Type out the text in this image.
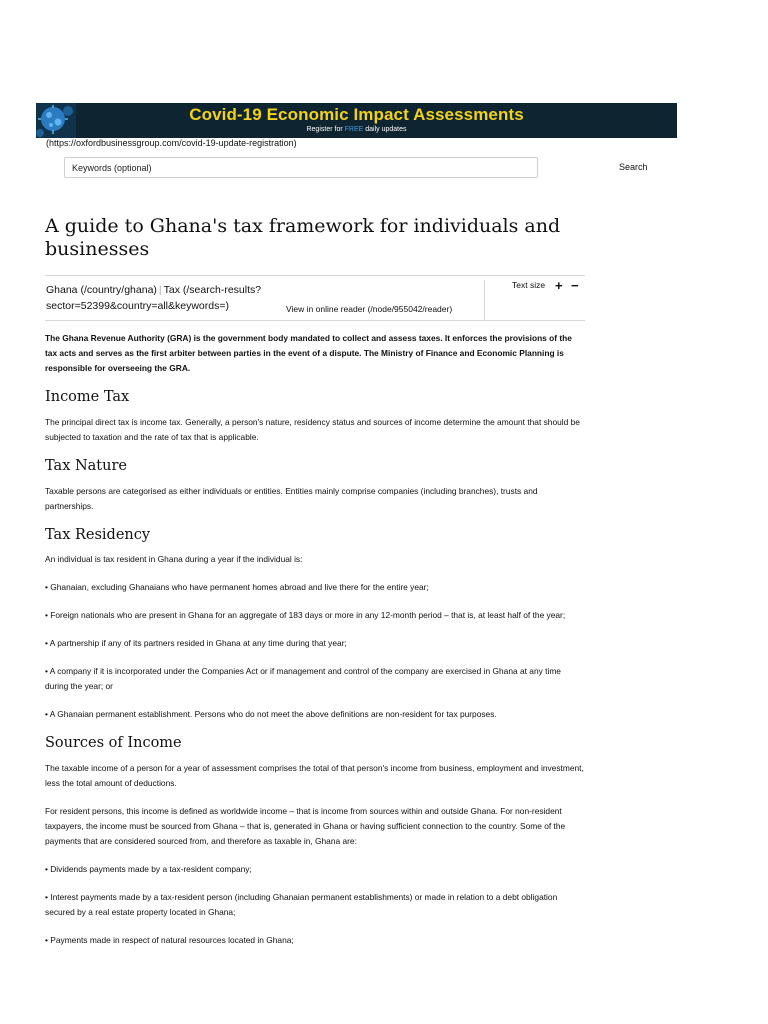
Covid-19 Economic Impact Assessments
Register for FREE daily updates
(https://oxfordbusinessgroup.com/covid-19-update-registration)
Keywords (optional)
Search
A guide to Ghana's tax framework for individuals and businesses
Ghana (/country/ghana) | Tax (/search-results?sector=52399&country=all&keywords=)	View in online reader (/node/955042/reader)
Text size + −

The Ghana Revenue Authority (GRA) is the government body mandated to collect and assess taxes. It enforces the provisions of the tax acts and serves as the first arbiter between parties in the event of a dispute. The Ministry of Finance and Economic Planning is responsible for overseeing the GRA.

Income Tax

The principal direct tax is income tax. Generally, a person's nature, residency status and sources of income determine the amount that should be subjected to taxation and the rate of tax that is applicable.

Tax Nature

Taxable persons are categorised as either individuals or entities. Entities mainly comprise companies (including branches), trusts and partnerships.

Tax Residency

An individual is tax resident in Ghana during a year if the individual is:

• Ghanaian, excluding Ghanaians who have permanent homes abroad and live there for the entire year;

• Foreign nationals who are present in Ghana for an aggregate of 183 days or more in any 12-month period – that is, at least half of the year;

• A partnership if any of its partners resided in Ghana at any time during that year;

• A company if it is incorporated under the Companies Act or if management and control of the company are exercised in Ghana at any time during the year; or

• A Ghanaian permanent establishment. Persons who do not meet the above definitions are non-resident for tax purposes.

Sources of Income

The taxable income of a person for a year of assessment comprises the total of that person's income from business, employment and investment, less the total amount of deductions.

For resident persons, this income is defined as worldwide income – that is income from sources within and outside Ghana. For non-resident taxpayers, the income must be sourced from Ghana – that is, generated in Ghana or having sufficient connection to the country. Some of the payments that are considered sourced from, and therefore as taxable in, Ghana are:

• Dividends payments made by a tax-resident company;

• Interest payments made by a tax-resident person (including Ghanaian permanent establishments) or made in relation to a debt obligation secured by a real estate property located in Ghana;

• Payments made in respect of natural resources located in Ghana;
